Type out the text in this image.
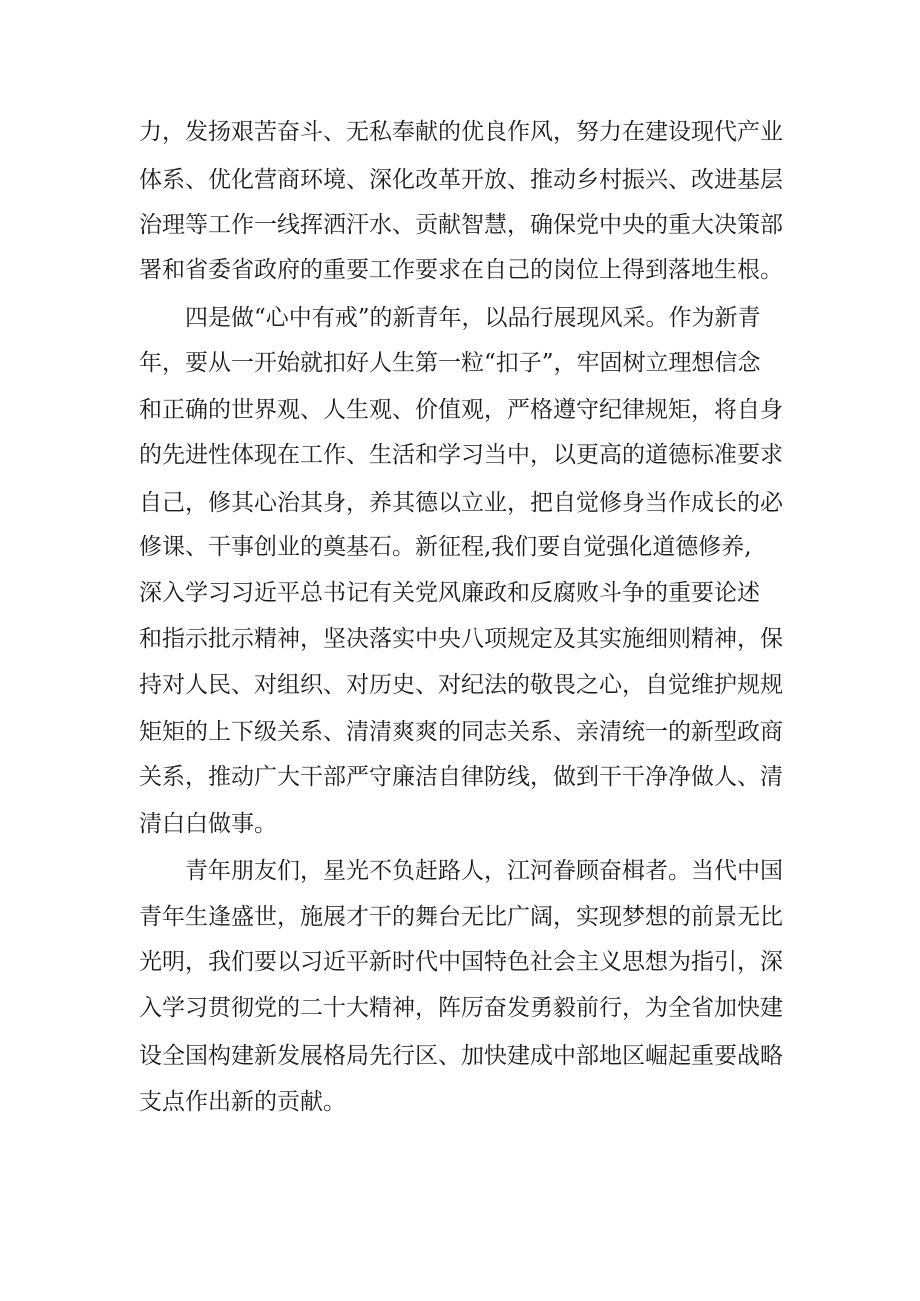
力，发扬艰苦奋斗、无私奉献的优良作风，努力在建设现代产业
体系、优化营商环境、深化改革开放、推动乡村振兴、改进基层
治理等工作一线挥洒汗水、贡献智慧，确保党中央的重大决策部
署和省委省政府的重要工作要求在自己的岗位上得到落地生根。
四是做“心中有戒”的新青年，以品行展现风采。作为新青
年，要从一开始就扣好人生第一粒“扣子”，牢固树立理想信念
和正确的世界观、人生观、价值观，严格遵守纪律规矩，将自身
的先进性体现在工作、生活和学习当中，以更高的道德标准要求
自己，修其心治其身，养其德以立业，把自觉修身当作成长的必
修课、干事创业的奠基石。新征程,我们要自觉强化道德修养,
深入学习习近平总书记有关党风廉政和反腐败斗争的重要论述
和指示批示精神，坚决落实中央八项规定及其实施细则精神，保
持对人民、对组织、对历史、对纪法的敬畏之心，自觉维护规规
矩矩的上下级关系、清清爽爽的同志关系、亲清统一的新型政商
关系，推动广大干部严守廉洁自律防线，做到干干净净做人、清
清白白做事。
青年朋友们，星光不负赶路人，江河眷顾奋楫者。当代中国
青年生逢盛世，施展才干的舞台无比广阔，实现梦想的前景无比
光明，我们要以习近平新时代中国特色社会主义思想为指引，深
入学习贯彻党的二十大精神，阵厉奋发勇毅前行，为全省加快建
设全国构建新发展格局先行区、加快建成中部地区崛起重要战略
支点作出新的贡献。
